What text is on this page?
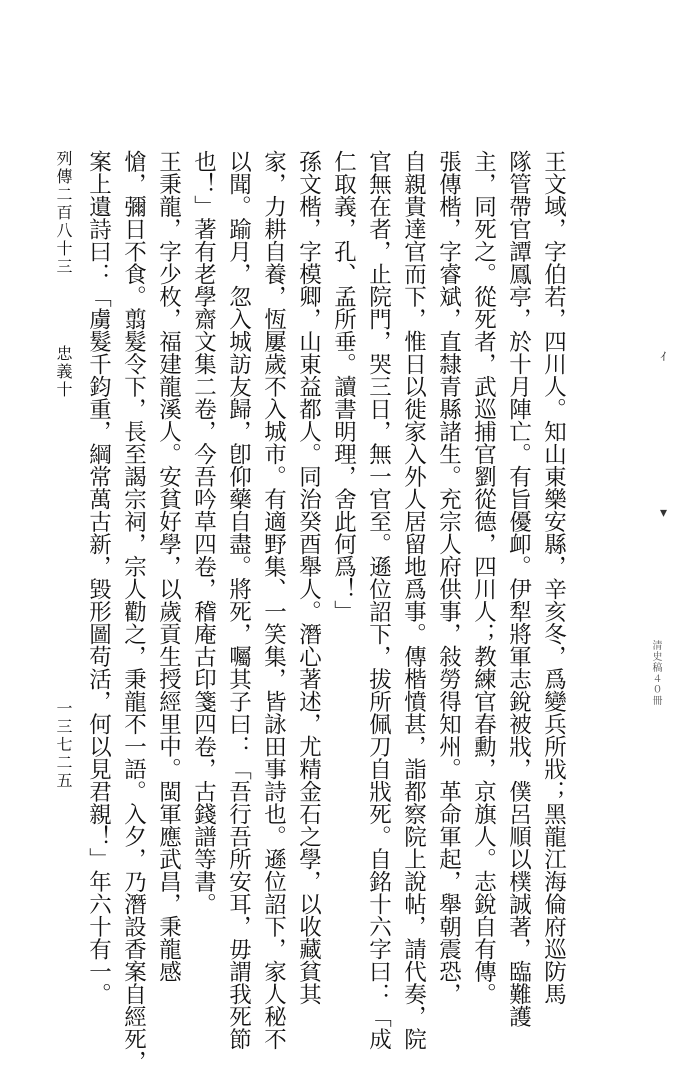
王文域，字伯若，四川人。知山東樂安縣，辛亥冬，爲變兵所戕；黑龍江海倫府巡防馬
隊管帶官譚鳳亭，於十月陣亡。有旨優卹。伊犁將軍志銳被戕，僕呂順以樸誠著，臨難護
主，同死之。從死者，武巡捕官劉從德，四川人；教練官春勳，京旗人。志銳自有傳。
張傳楷，字睿斌，直隸青縣諸生。充宗人府供事，敍勞得知州。革命軍起，舉朝震恐，
自親貴達官而下，惟日以徙家入外人居留地爲事。傳楷憤甚，詣都察院上說帖，請代奏，院
官無在者，止院門，哭三日，無一官至。遜位詔下，拔所佩刀自戕死。自銘十六字曰：「成
仁取義，孔、孟所垂。讀書明理，舍此何爲！」
孫文楷，字模卿，山東益都人。同治癸酉舉人。潛心著述，尤精金石之學，以收藏貧其
家，力耕自養，恆屢歲不入城市。有適野集、一笑集，皆詠田事詩也。遜位詔下，家人秘不
以聞。踰月，忽入城訪友歸，卽仰藥自盡。將死，囑其子曰：「吾行吾所安耳，毋謂我死節
也！」著有老學齋文集二卷，今吾吟草四卷，稽庵古印箋四卷，古錢譜等書。
王秉龍，字少枚，福建龍溪人。安貧好學，以歲貢生授經里中。閩軍應武昌，秉龍感
愴，彌日不食。翦髮令下，長至謁宗祠，宗人勸之，秉龍不一語。入夕，乃潛設香案自經死，
案上遺詩曰：「虜髮千鈞重，綱常萬古新，毀形圖苟活，何以見君親！」年六十有一。
列傳二百八十三
忠義十
一三七二五
清史稿４０冊
ｨ
▾
